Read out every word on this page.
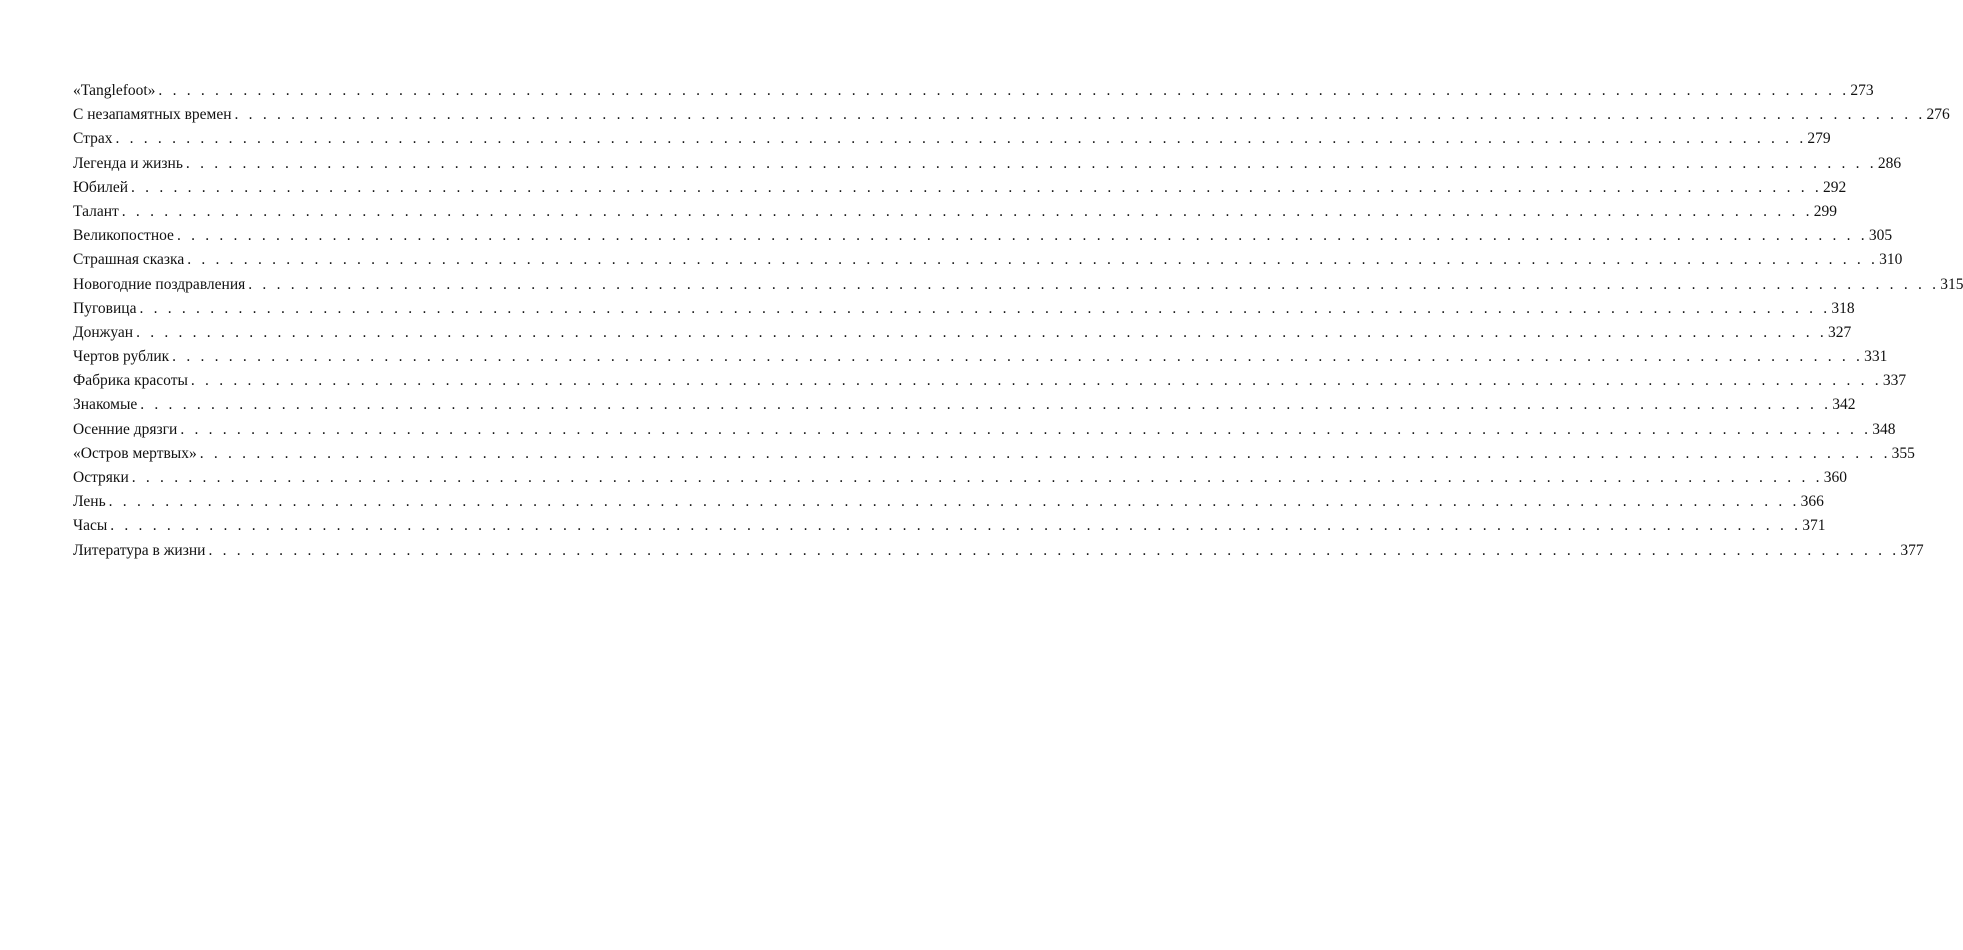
«Tanglefoot» . . . . . . . . . . . . . . . . . . . . . . . . . . . . . . . . . . . . . . . . . . . . . . . . . . . . . . . . . . . . . . . . . . . . . . . . . . . . . . . . . . . . . . . . . . . . . . . . . . . . . . . . . . . . . . . . . . . . . . . . 273
С незапамятных времен . . . . . . . . . . . . . . . . . . . . . . . . . . . . . . . . . . . . . . . . . . . . . . . . . . . . . . . . . . . . . . . . . . . . . . . . . . . . . . . . . . . . . . . . . . . . . . . . . . . . . . . . . . . . . . . . . . . . . . . . 276
Страх . . . . . . . . . . . . . . . . . . . . . . . . . . . . . . . . . . . . . . . . . . . . . . . . . . . . . . . . . . . . . . . . . . . . . . . . . . . . . . . . . . . . . . . . . . . . . . . . . . . . . . . . . . . . . . . . . . . . . . . . 279
Легенда и жизнь . . . . . . . . . . . . . . . . . . . . . . . . . . . . . . . . . . . . . . . . . . . . . . . . . . . . . . . . . . . . . . . . . . . . . . . . . . . . . . . . . . . . . . . . . . . . . . . . . . . . . . . . . . . . . . . . . . . . . . . . 286
Юбилей . . . . . . . . . . . . . . . . . . . . . . . . . . . . . . . . . . . . . . . . . . . . . . . . . . . . . . . . . . . . . . . . . . . . . . . . . . . . . . . . . . . . . . . . . . . . . . . . . . . . . . . . . . . . . . . . . . . . . . . . 292
Талант . . . . . . . . . . . . . . . . . . . . . . . . . . . . . . . . . . . . . . . . . . . . . . . . . . . . . . . . . . . . . . . . . . . . . . . . . . . . . . . . . . . . . . . . . . . . . . . . . . . . . . . . . . . . . . . . . . . . . . . . 299
Великопостное . . . . . . . . . . . . . . . . . . . . . . . . . . . . . . . . . . . . . . . . . . . . . . . . . . . . . . . . . . . . . . . . . . . . . . . . . . . . . . . . . . . . . . . . . . . . . . . . . . . . . . . . . . . . . . . . . . . . . . . . 305
Страшная сказка . . . . . . . . . . . . . . . . . . . . . . . . . . . . . . . . . . . . . . . . . . . . . . . . . . . . . . . . . . . . . . . . . . . . . . . . . . . . . . . . . . . . . . . . . . . . . . . . . . . . . . . . . . . . . . . . . . . . . . . . 310
Новогодние поздравления . . . . . . . . . . . . . . . . . . . . . . . . . . . . . . . . . . . . . . . . . . . . . . . . . . . . . . . . . . . . . . . . . . . . . . . . . . . . . . . . . . . . . . . . . . . . . . . . . . . . . . . . . . . . . . . . . . . . . . . . 315
Пуговица . . . . . . . . . . . . . . . . . . . . . . . . . . . . . . . . . . . . . . . . . . . . . . . . . . . . . . . . . . . . . . . . . . . . . . . . . . . . . . . . . . . . . . . . . . . . . . . . . . . . . . . . . . . . . . . . . . . . . . . . 318
Донжуан . . . . . . . . . . . . . . . . . . . . . . . . . . . . . . . . . . . . . . . . . . . . . . . . . . . . . . . . . . . . . . . . . . . . . . . . . . . . . . . . . . . . . . . . . . . . . . . . . . . . . . . . . . . . . . . . . . . . . . . . 327
Чертов рублик . . . . . . . . . . . . . . . . . . . . . . . . . . . . . . . . . . . . . . . . . . . . . . . . . . . . . . . . . . . . . . . . . . . . . . . . . . . . . . . . . . . . . . . . . . . . . . . . . . . . . . . . . . . . . . . . . . . . . . . . 331
Фабрика красоты . . . . . . . . . . . . . . . . . . . . . . . . . . . . . . . . . . . . . . . . . . . . . . . . . . . . . . . . . . . . . . . . . . . . . . . . . . . . . . . . . . . . . . . . . . . . . . . . . . . . . . . . . . . . . . . . . . . . . . . . 337
Знакомые . . . . . . . . . . . . . . . . . . . . . . . . . . . . . . . . . . . . . . . . . . . . . . . . . . . . . . . . . . . . . . . . . . . . . . . . . . . . . . . . . . . . . . . . . . . . . . . . . . . . . . . . . . . . . . . . . . . . . . . . 342
Осенние дрязги . . . . . . . . . . . . . . . . . . . . . . . . . . . . . . . . . . . . . . . . . . . . . . . . . . . . . . . . . . . . . . . . . . . . . . . . . . . . . . . . . . . . . . . . . . . . . . . . . . . . . . . . . . . . . . . . . . . . . . . . 348
«Остров мертвых» . . . . . . . . . . . . . . . . . . . . . . . . . . . . . . . . . . . . . . . . . . . . . . . . . . . . . . . . . . . . . . . . . . . . . . . . . . . . . . . . . . . . . . . . . . . . . . . . . . . . . . . . . . . . . . . . . . . . . . . . 355
Остряки . . . . . . . . . . . . . . . . . . . . . . . . . . . . . . . . . . . . . . . . . . . . . . . . . . . . . . . . . . . . . . . . . . . . . . . . . . . . . . . . . . . . . . . . . . . . . . . . . . . . . . . . . . . . . . . . . . . . . . . . 360
Лень . . . . . . . . . . . . . . . . . . . . . . . . . . . . . . . . . . . . . . . . . . . . . . . . . . . . . . . . . . . . . . . . . . . . . . . . . . . . . . . . . . . . . . . . . . . . . . . . . . . . . . . . . . . . . . . . . . . . . . . . 366
Часы . . . . . . . . . . . . . . . . . . . . . . . . . . . . . . . . . . . . . . . . . . . . . . . . . . . . . . . . . . . . . . . . . . . . . . . . . . . . . . . . . . . . . . . . . . . . . . . . . . . . . . . . . . . . . . . . . . . . . . . . 371
Литература в жизни . . . . . . . . . . . . . . . . . . . . . . . . . . . . . . . . . . . . . . . . . . . . . . . . . . . . . . . . . . . . . . . . . . . . . . . . . . . . . . . . . . . . . . . . . . . . . . . . . . . . . . . . . . . . . . . . . . . . . . . . 377
